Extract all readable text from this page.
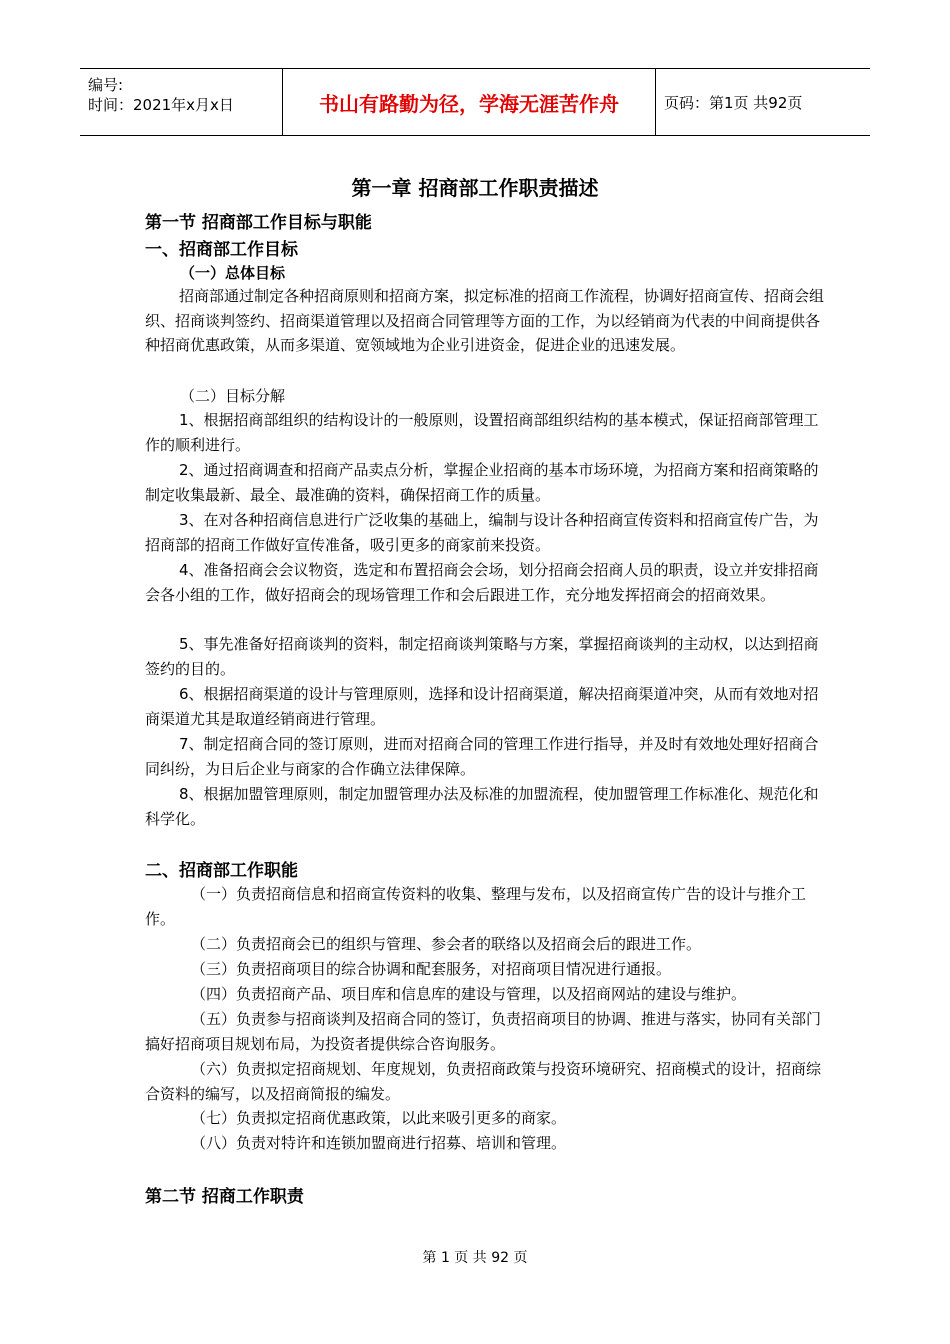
编号:
时间：2021年x月x日	书山有路勤为径，学海无涯苦作舟	页码：第1页 共92页
第一章 招商部工作职责描述
第一节 招商部工作目标与职能
一、招商部工作目标
（一）总体目标

招商部通过制定各种招商原则和招商方案，拟定标准的招商工作流程，协调好招商宣传、招商会组织、招商谈判签约、招商渠道管理以及招商合同管理等方面的工作，为以经销商为代表的中间商提供各种招商优惠政策，从而多渠道、宽领域地为企业引进资金，促进企业的迅速发展。

（二）目标分解

1、根据招商部组织的结构设计的一般原则，设置招商部组织结构的基本模式，保证招商部管理工作的顺利进行。

2、通过招商调查和招商产品卖点分析，掌握企业招商的基本市场环境，为招商方案和招商策略的制定收集最新、最全、最准确的资料，确保招商工作的质量。

3、在对各种招商信息进行广泛收集的基础上，编制与设计各种招商宣传资料和招商宣传广告，为招商部的招商工作做好宣传准备，吸引更多的商家前来投资。

4、准备招商会会议物资，选定和布置招商会会场，划分招商会招商人员的职责，设立并安排招商会各小组的工作，做好招商会的现场管理工作和会后跟进工作，充分地发挥招商会的招商效果。

5、事先准备好招商谈判的资料，制定招商谈判策略与方案，掌握招商谈判的主动权，以达到招商签约的目的。

6、根据招商渠道的设计与管理原则，选择和设计招商渠道，解决招商渠道冲突，从而有效地对招商渠道尤其是取道经销商进行管理。

7、制定招商合同的签订原则，进而对招商合同的管理工作进行指导，并及时有效地处理好招商合同纠纷，为日后企业与商家的合作确立法律保障。

8、根据加盟管理原则，制定加盟管理办法及标准的加盟流程，使加盟管理工作标准化、规范化和科学化。

二、招商部工作职能

（一）负责招商信息和招商宣传资料的收集、整理与发布，以及招商宣传广告的设计与推介工作。

（二）负责招商会已的组织与管理、参会者的联络以及招商会后的跟进工作。

（三）负责招商项目的综合协调和配套服务，对招商项目情况进行通报。

（四）负责招商产品、项目库和信息库的建设与管理，以及招商网站的建设与维护。

（五）负责参与招商谈判及招商合同的签订，负责招商项目的协调、推进与落实，协同有关部门搞好招商项目规划布局，为投资者提供综合咨询服务。

（六）负责拟定招商规划、年度规划，负责招商政策与投资环境研究、招商模式的设计，招商综合资料的编写，以及招商简报的编发。

（七）负责拟定招商优惠政策，以此来吸引更多的商家。

（八）负责对特许和连锁加盟商进行招募、培训和管理。

第二节 招商工作职责
第 1 页 共 92 页
